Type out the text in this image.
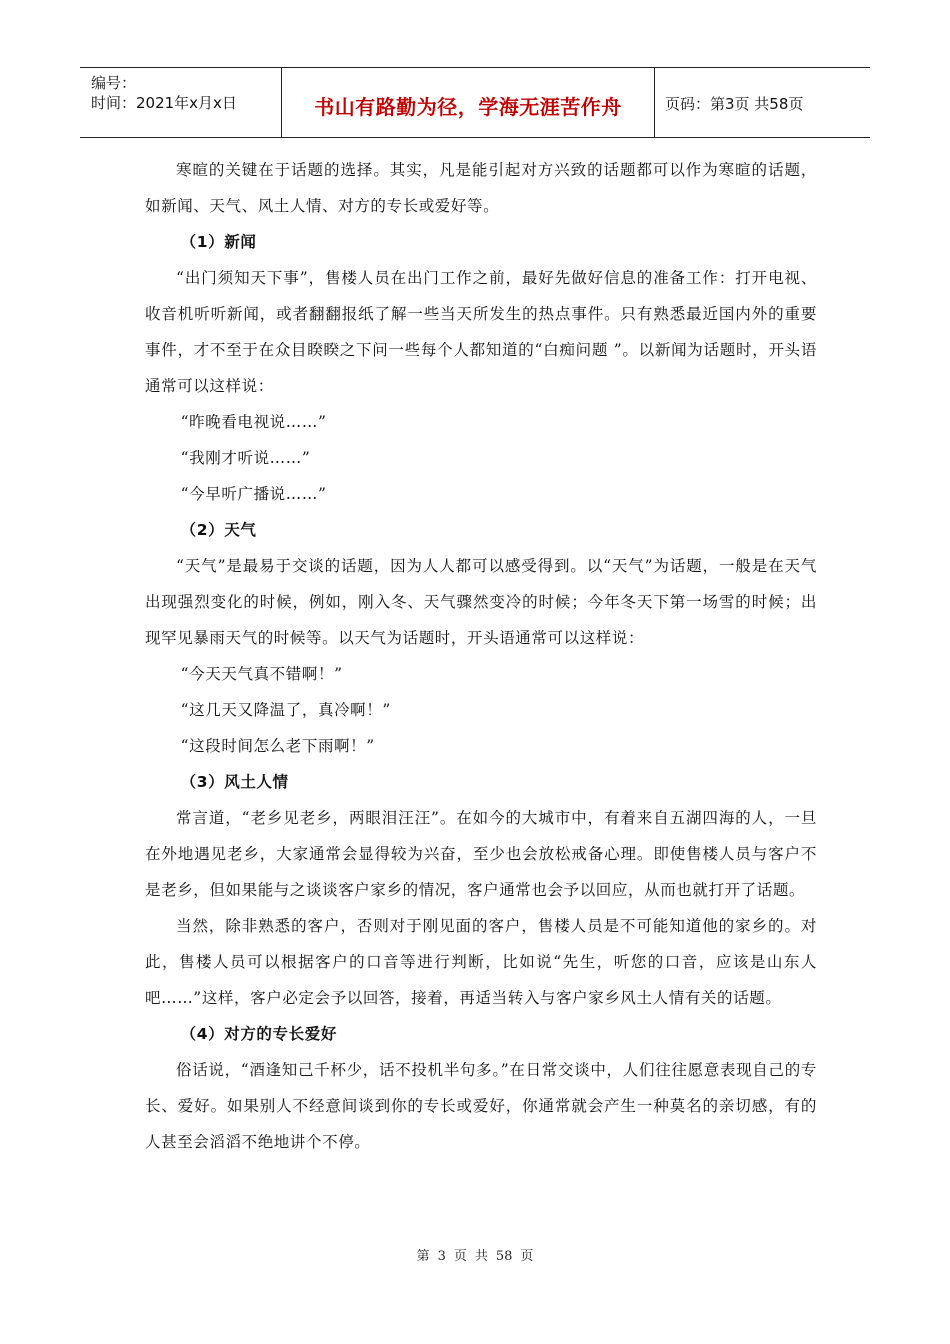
编号：
时间：2021年x月x日	书山有路勤为径，学海无涯苦作舟	页码：第3页 共58页

寒暄的关键在于话题的选择。其实，凡是能引起对方兴致的话题都可以作为寒暄的话题，如新闻、天气、风土人情、对方的专长或爱好等。

（1）新闻

“出门须知天下事”，售楼人员在出门工作之前，最好先做好信息的准备工作：打开电视、收音机听听新闻，或者翻翻报纸了解一些当天所发生的热点事件。只有熟悉最近国内外的重要事件，才不至于在众目睽睽之下问一些每个人都知道的“白痴问题 ”。以新闻为话题时，开头语通常可以这样说：

“昨晚看电视说……”

“我刚才听说……”

“今早听广播说……”

（2）天气

“天气”是最易于交谈的话题，因为人人都可以感受得到。以“天气”为话题，一般是在天气出现强烈变化的时候，例如，刚入冬、天气骤然变冷的时候；今年冬天下第一场雪的时候；出现罕见暴雨天气的时候等。以天气为话题时，开头语通常可以这样说：

“今天天气真不错啊！”

“这几天又降温了，真冷啊！”

“这段时间怎么老下雨啊！”

（3）风土人情

常言道，“老乡见老乡，两眼泪汪汪”。在如今的大城市中，有着来自五湖四海的人，一旦在外地遇见老乡，大家通常会显得较为兴奋，至少也会放松戒备心理。即使售楼人员与客户不是老乡，但如果能与之谈谈客户家乡的情况，客户通常也会予以回应，从而也就打开了话题。

当然，除非熟悉的客户，否则对于刚见面的客户，售楼人员是不可能知道他的家乡的。对此，售楼人员可以根据客户的口音等进行判断，比如说“先生，听您的口音，应该是山东人吧……”这样，客户必定会予以回答，接着，再适当转入与客户家乡风土人情有关的话题。

（4）对方的专长爱好

俗话说，“酒逢知己千杯少，话不投机半句多。”在日常交谈中，人们往往愿意表现自己的专长、爱好。如果别人不经意间谈到你的专长或爱好，你通常就会产生一种莫名的亲切感，有的人甚至会滔滔不绝地讲个不停。

第 3 页 共 58 页
